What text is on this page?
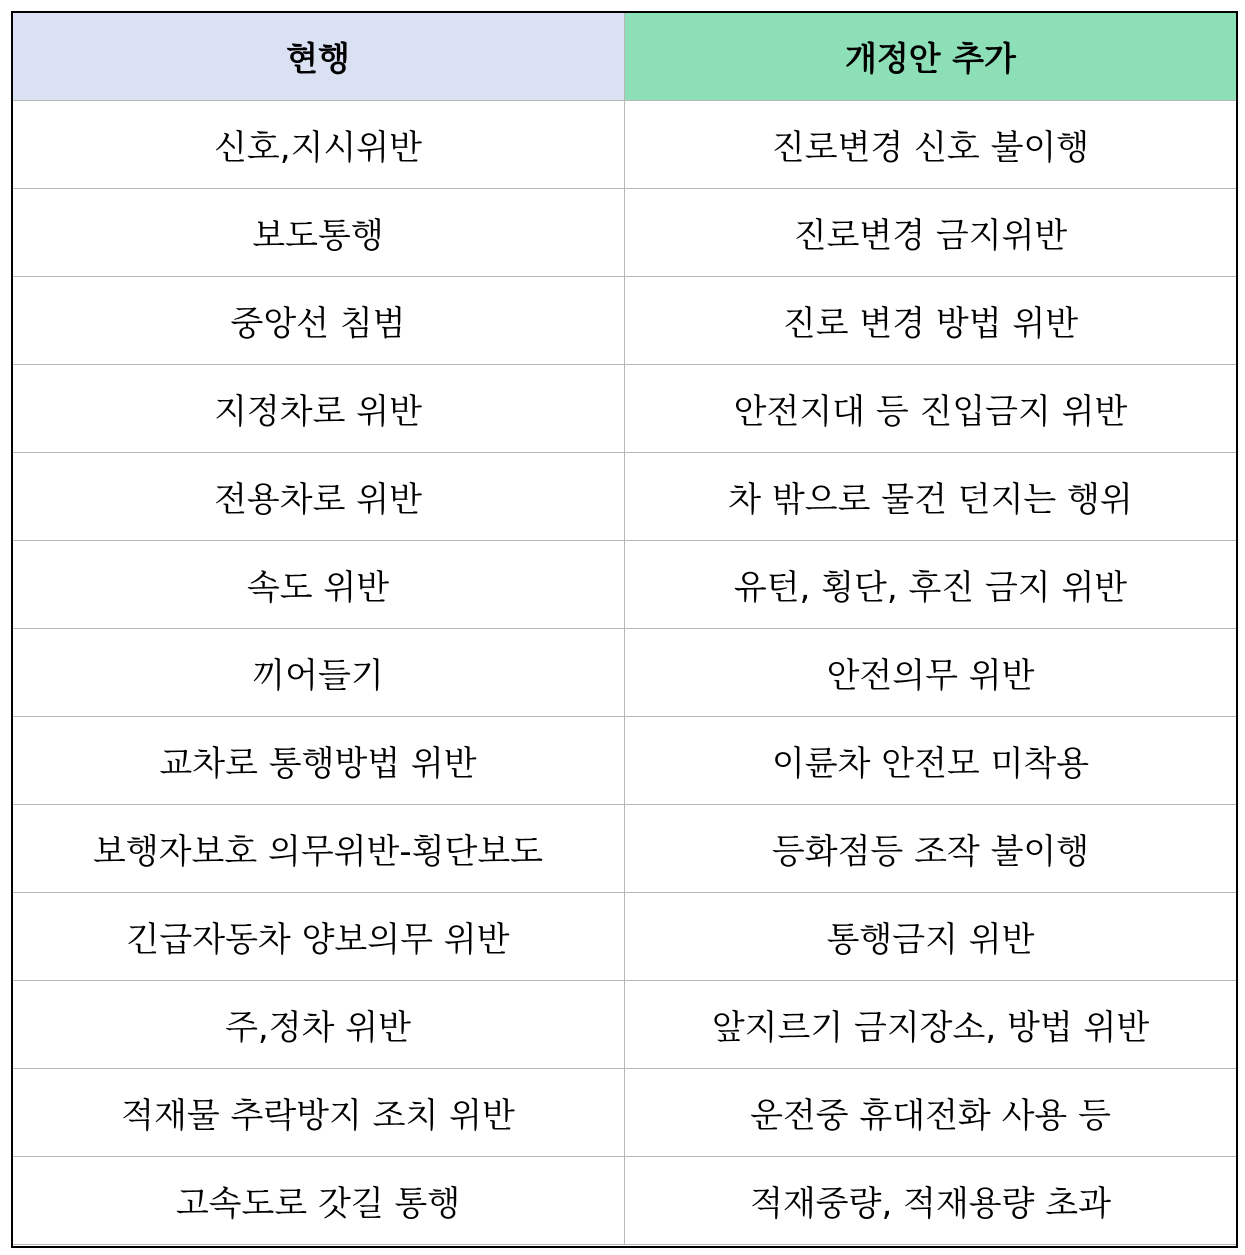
현행	개정안 추가
신호,지시위반	진로변경 신호 불이행
보도통행	진로변경 금지위반
중앙선 침범	진로 변경 방법 위반
지정차로 위반	안전지대 등 진입금지 위반
전용차로 위반	차 밖으로 물건 던지는 행위
속도 위반	유턴, 횡단, 후진 금지 위반
끼어들기	안전의무 위반
교차로 통행방법 위반	이륜차 안전모 미착용
보행자보호 의무위반-횡단보도	등화점등 조작 불이행
긴급자동차 양보의무 위반	통행금지 위반
주,정차 위반	앞지르기 금지장소, 방법 위반
적재물 추락방지 조치 위반	운전중 휴대전화 사용 등
고속도로 갓길 통행	적재중량, 적재용량 초과
